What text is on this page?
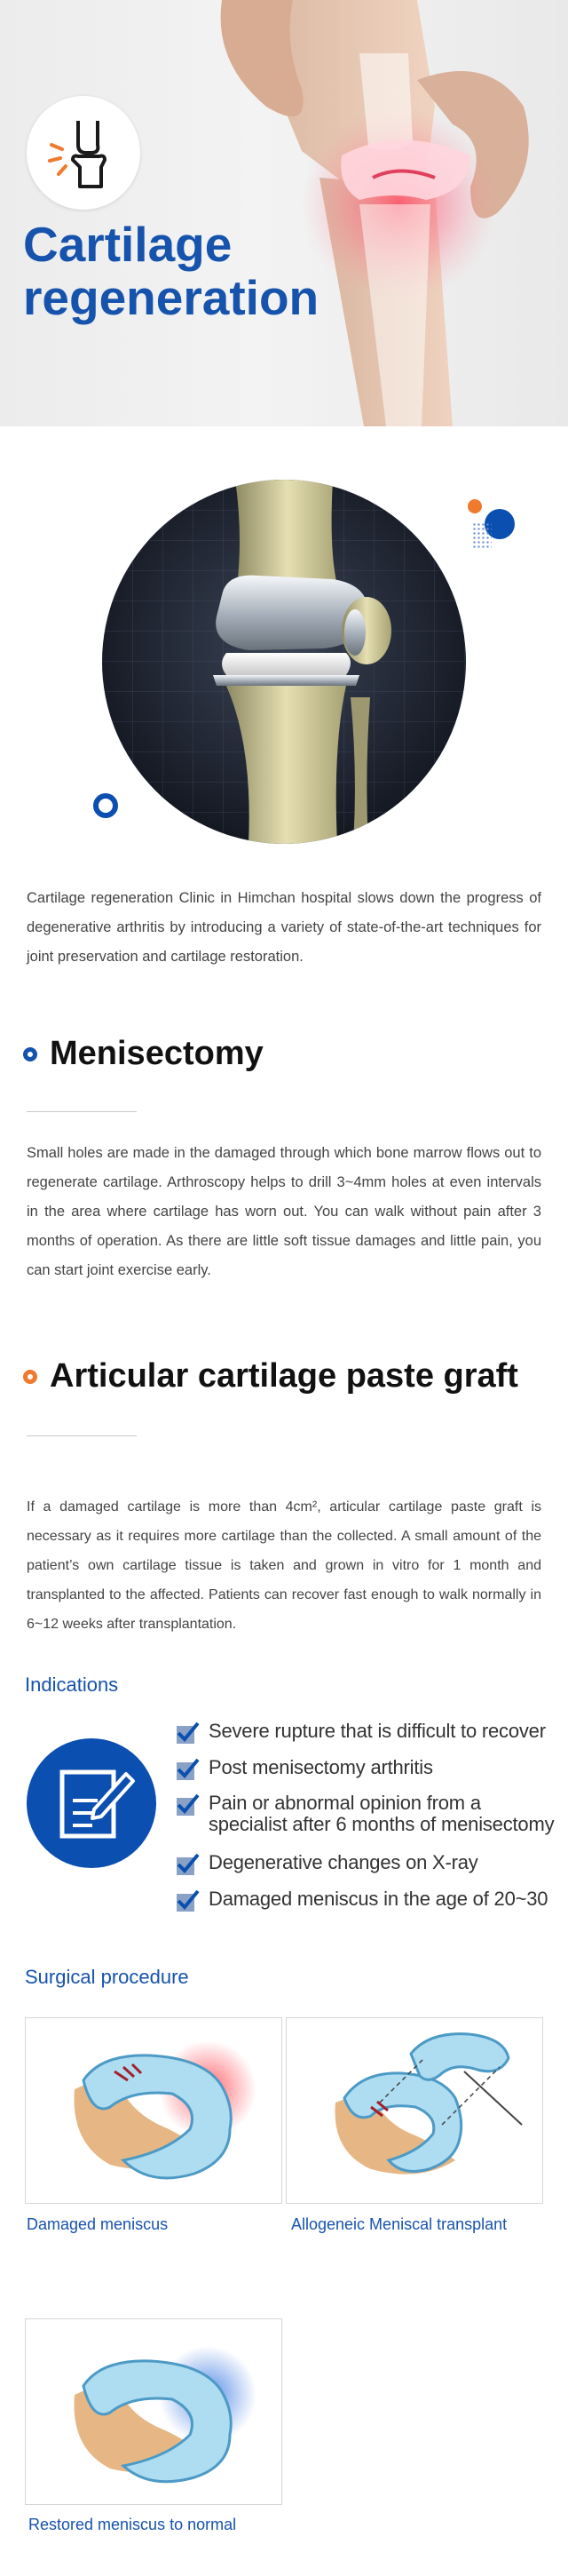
Cartilage
regeneration

Cartilage regeneration Clinic in Himchan hospital slows down the progress of degenerative arthritis by introducing a variety of state-of-the-art techniques for joint preservation and cartilage restoration.

Menisectomy

Small holes are made in the damaged through which bone marrow flows out to regenerate cartilage. Arthroscopy helps to drill 3~4mm holes at even intervals in the area where cartilage has worn out. You can walk without pain after 3 months of operation. As there are little soft tissue damages and little pain, you can start joint exercise early.

Articular cartilage paste graft

If a damaged cartilage is more than 4cm², articular cartilage paste graft is necessary as it requires more cartilage than the collected. A small amount of the patient’s own cartilage tissue is taken and grown in vitro for 1 month and transplanted to the affected. Patients can recover fast enough to walk normally in 6~12 weeks after transplantation.

Indications
Severe rupture that is difficult to recover
Post menisectomy arthritis
Pain or abnormal opinion from a specialist after 6 months of menisectomy
Degenerative changes on X-ray
Damaged meniscus in the age of 20~30
Surgical procedure

Damaged meniscus	Allogeneic Meniscal transplant

Restored meniscus to normal
